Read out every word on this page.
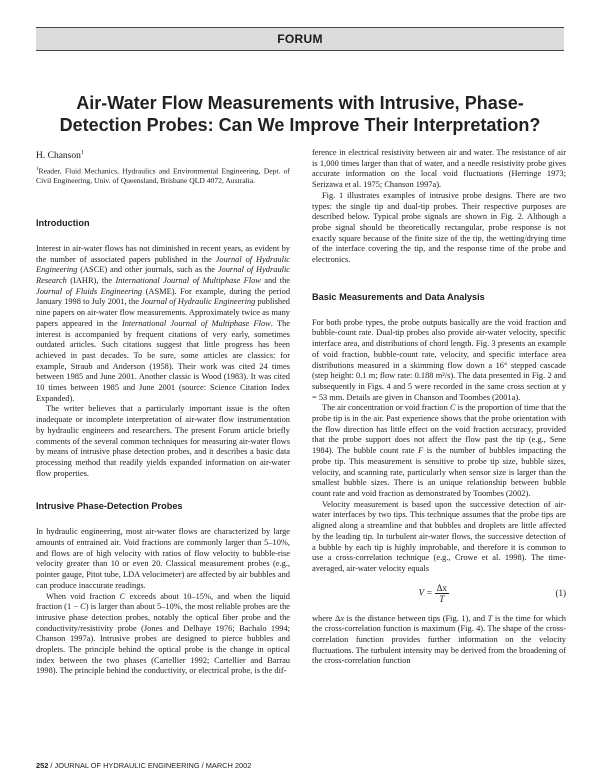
FORUM
Air-Water Flow Measurements with Intrusive, Phase-Detection Probes: Can We Improve Their Interpretation?
H. Chanson$^1$
$^1$Reader, Fluid Mechanics, Hydraulics and Environmental Engineering, Dept. of Civil Engineering, Univ. of Queensland, Brisbane QLD 4072, Australia.
Introduction

Interest in air-water flows has not diminished in recent years, as evident by the number of associated papers published in the Journal of Hydraulic Engineering (ASCE) and other journals, such as the Journal of Hydraulic Research (IAHR), the International Journal of Multiphase Flow and the Journal of Fluids Engineering (ASME). For example, during the period January 1998 to July 2001, the Journal of Hydraulic Engineering published nine papers on air-water flow measurements. Approximately twice as many papers appeared in the International Journal of Multiphase Flow. The interest is accompanied by frequent citations of very early, sometimes outdated articles. Such citations suggest that little progress has been achieved in past decades. To be sure, some articles are classics: for example, Straub and Anderson (1958). Their work was cited 24 times between 1985 and June 2001. Another classic is Wood (1983). It was cited 10 times between 1985 and June 2001 (source: Science Citation Index Expanded).

The writer believes that a particularly important issue is the often inadequate or incomplete interpretation of air-water flow instrumentation by hydraulic engineers and researchers. The present Forum article briefly comments of the several common techniques for measuring air-water flows by means of intrusive phase detection probes, and it describes a basic data processing method that readily yields expanded information on air-water flow properties.

Intrusive Phase-Detection Probes

In hydraulic engineering, most air-water flows are characterized by large amounts of entrained air. Void fractions are commonly larger than 5–10%, and flows are of high velocity with ratios of flow velocity to bubble-rise velocity greater than 10 or even 20. Classical measurement probes (e.g., pointer gauge, Pitot tube, LDA velocimeter) are affected by air bubbles and can produce inaccurate readings.

When void fraction C exceeds about 10–15%, and when the liquid fraction (1 − C) is larger than about 5–10%, the most reliable probes are the intrusive phase detection probes, notably the optical fiber probe and the conductivity/resistivity probe (Jones and Delhaye 1976; Bachalo 1994; Chanson 1997a). Intrusive probes are designed to pierce bubbles and droplets. The principle behind the optical probe is the change in optical index between the two phases (Cartellier 1992; Cartellier and Barrau 1998). The principle behind the conductivity, or electrical probe, is the dif-

ference in electrical resistivity between air and water. The resistance of air is 1,000 times larger than that of water, and a needle resistivity probe gives accurate information on the local void fluctuations (Herringe 1973; Serizawa et al. 1975; Chanson 1997a).

Fig. 1 illustrates examples of intrusive probe designs. There are two types: the single tip and dual-tip probes. Their respective purposes are described below. Typical probe signals are shown in Fig. 2. Although a probe signal should be theoretically rectangular, probe response is not exactly square because of the finite size of the tip, the wetting/drying time of the interface covering the tip, and the response time of the probe and electronics.

Basic Measurements and Data Analysis

For both probe types, the probe outputs basically are the void fraction and bubble-count rate. Dual-tip probes also provide air-water velocity, specific interface area, and distributions of chord length. Fig. 3 presents an example of void fraction, bubble-count rate, velocity, and specific interface area distributions measured in a skimming flow down a 16° stepped cascade (step height: 0.1 m; flow rate: 0.188 m²/s). The data presented in Fig. 2 and subsequently in Figs. 4 and 5 were recorded in the same cross section at y = 53 mm. Details are given in Chanson and Toombes (2001a).

The air concentration or void fraction C is the proportion of time that the probe tip is in the air. Past experience shows that the probe orientation with the flow direction has little effect on the void fraction accuracy, provided that the probe support does not affect the flow past the tip (e.g., Sene 1984). The bubble count rate F is the number of bubbles impacting the probe tip. This measurement is sensitive to probe tip size, bubble sizes, velocity, and scanning rate, particularly when sensor size is larger than the smallest bubble sizes. There is an unique relationship between bubble count rate and void fraction as demonstrated by Toombes (2002).

Velocity measurement is based upon the successive detection of air-water interfaces by two tips. This technique assumes that the probe tips are aligned along a streamline and that bubbles and droplets are little affected by the leading tip. In turbulent air-water flows, the successive detection of a bubble by each tip is highly improbable, and therefore it is common to use a cross-correlation technique (e.g., Crowe et al. 1998). The time-averaged, air-water velocity equals

$V = \frac{\Delta x}{T}$	(1)

where Δx is the distance between tips (Fig. 1), and T is the time for which the cross-correlation function is maximum (Fig. 4). The shape of the cross-correlation function provides further information on the velocity fluctuations. The turbulent intensity may be derived from the broadening of the cross-correlation function

252 / JOURNAL OF HYDRAULIC ENGINEERING / MARCH 2002
